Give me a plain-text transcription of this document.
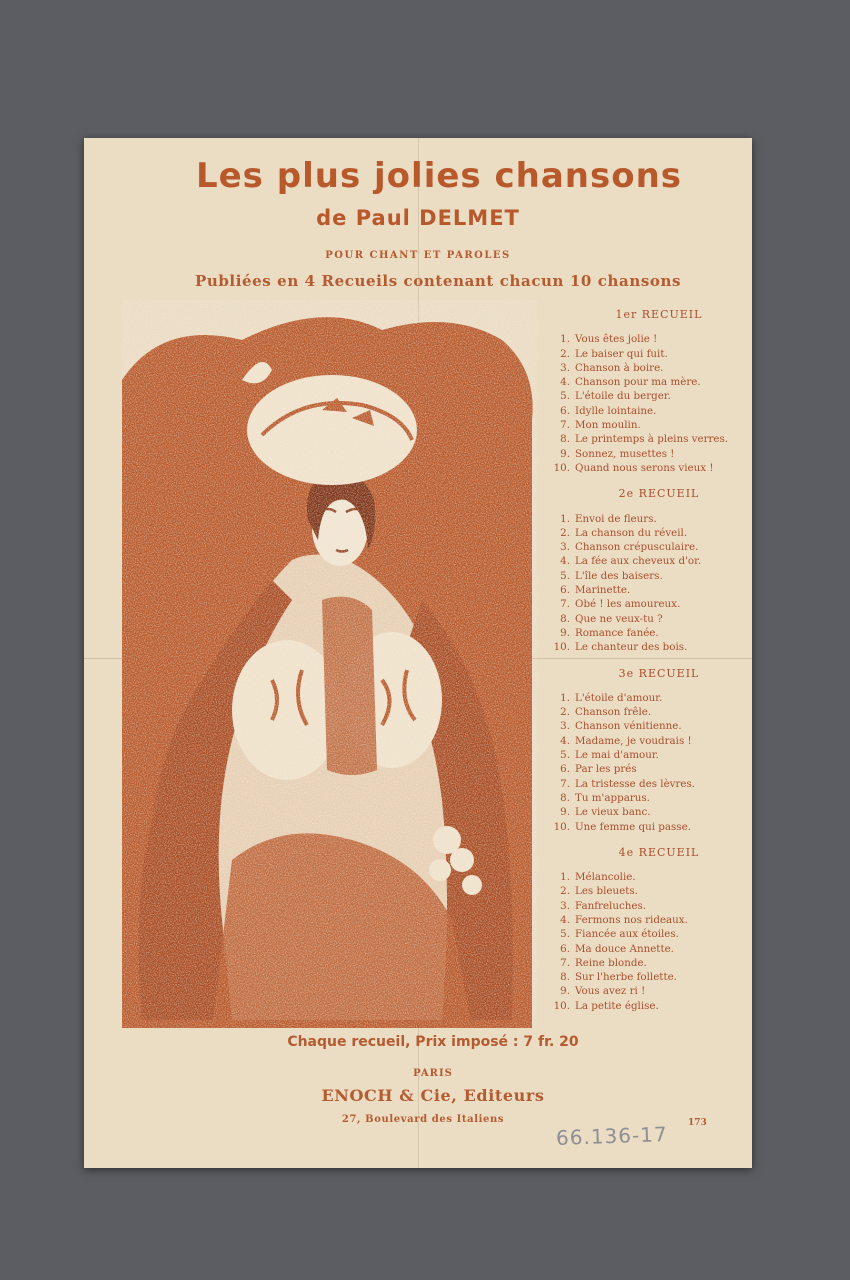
Les plus jolies chansons
de Paul DELMET
POUR CHANT ET PAROLES
Publiées en 4 Recueils contenant chacun 10 chansons
1er RECUEIL
1. Vous êtes jolie !
2. Le baiser qui fuit.
3. Chanson à boire.
4. Chanson pour ma mère.
5. L'étoile du berger.
6. Idylle lointaine.
7. Mon moulin.
8. Le printemps à pleins verres.
9. Sonnez, musettes !
10. Quand nous serons vieux !
2e RECUEIL
1. Envoi de fleurs.
2. La chanson du réveil.
3. Chanson crépusculaire.
4. La fée aux cheveux d'or.
5. L'île des baisers.
6. Marinette.
7. Obé ! les amoureux.
8. Que ne veux-tu ?
9. Romance fanée.
10. Le chanteur des bois.
3e RECUEIL
1. L'étoile d'amour.
2. Chanson frêle.
3. Chanson vénitienne.
4. Madame, je voudrais !
5. Le mai d'amour.
6. Par les prés
7. La tristesse des lèvres.
8. Tu m'apparus.
9. Le vieux banc.
10. Une femme qui passe.
4e RECUEIL
1. Mélancolie.
2. Les bleuets.
3. Fanfreluches.
4. Fermons nos rideaux.
5. Fiancée aux étoiles.
6. Ma douce Annette.
7. Reine blonde.
8. Sur l'herbe follette.
9. Vous avez ri !
10. La petite église.
Chaque recueil, Prix imposé : 7 fr. 20
PARIS
ENOCH & Cie, Editeurs
27, Boulevard des Italiens
66.136-17 173
